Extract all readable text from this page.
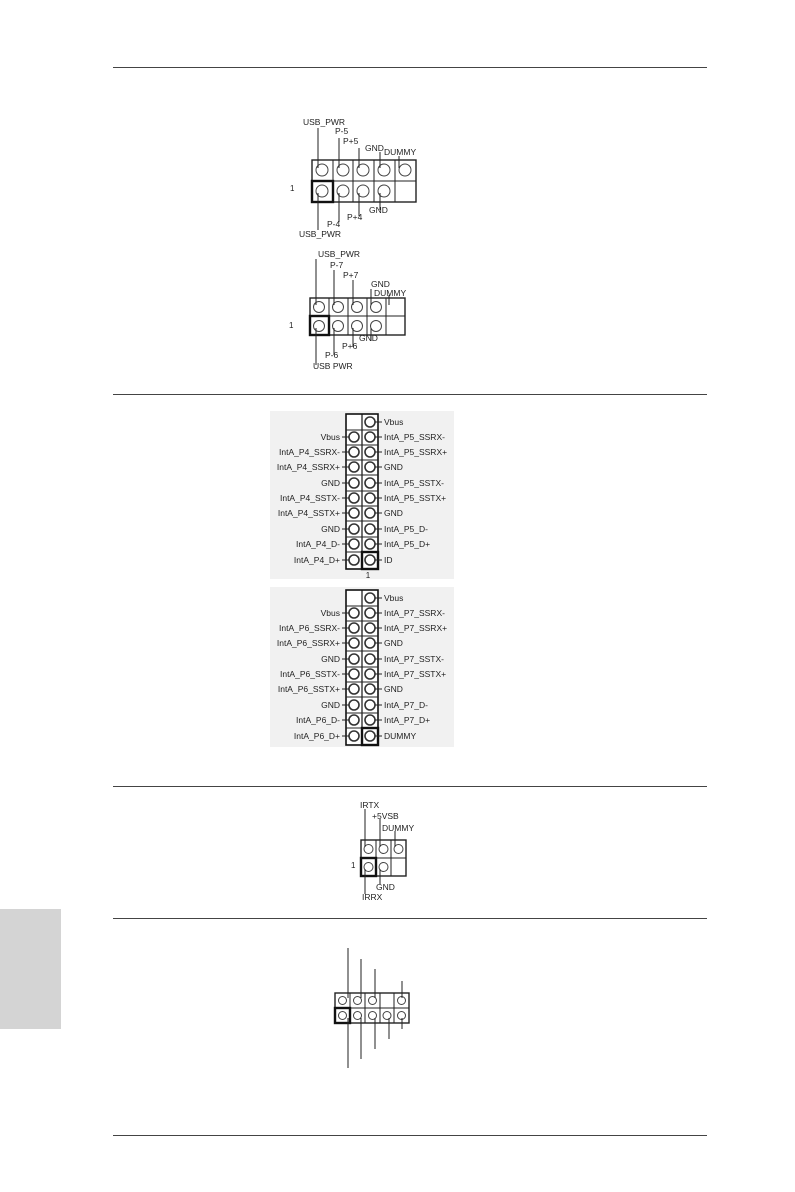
USB_PWR
P-5
P+5
GND DUMMY
GND
P+4
P-4
USB_PWR
1
USB_PWR
P-7
P+7
GND
DUMMY
GND
P+6
P-6
USB PWR
1
Vbus
IntA_P4_SSRX-
IntA_P4_SSRX+
GND
IntA_P4_SSTX-
IntA_P4_SSTX+
GND
IntA_P4_D-
IntA_P4_D+
Vbus
IntA_P5_SSRX-
IntA_P5_SSRX+
GND
IntA_P5_SSTX-
IntA_P5_SSTX+
GND
IntA_P5_D-
IntA_P5_D+
ID
1
Vbus
IntA_P6_SSRX-
IntA_P6_SSRX+
GND
IntA_P6_SSTX-
IntA_P6_SSTX+
GND
IntA_P6_D-
IntA_P6_D+
Vbus
IntA_P7_SSRX-
IntA_P7_SSRX+
GND
IntA_P7_SSTX-
IntA_P7_SSTX+
GND
IntA_P7_D-
IntA_P7_D+
DUMMY
IRTX
+5VSB
DUMMY
GND
IRRX
1
